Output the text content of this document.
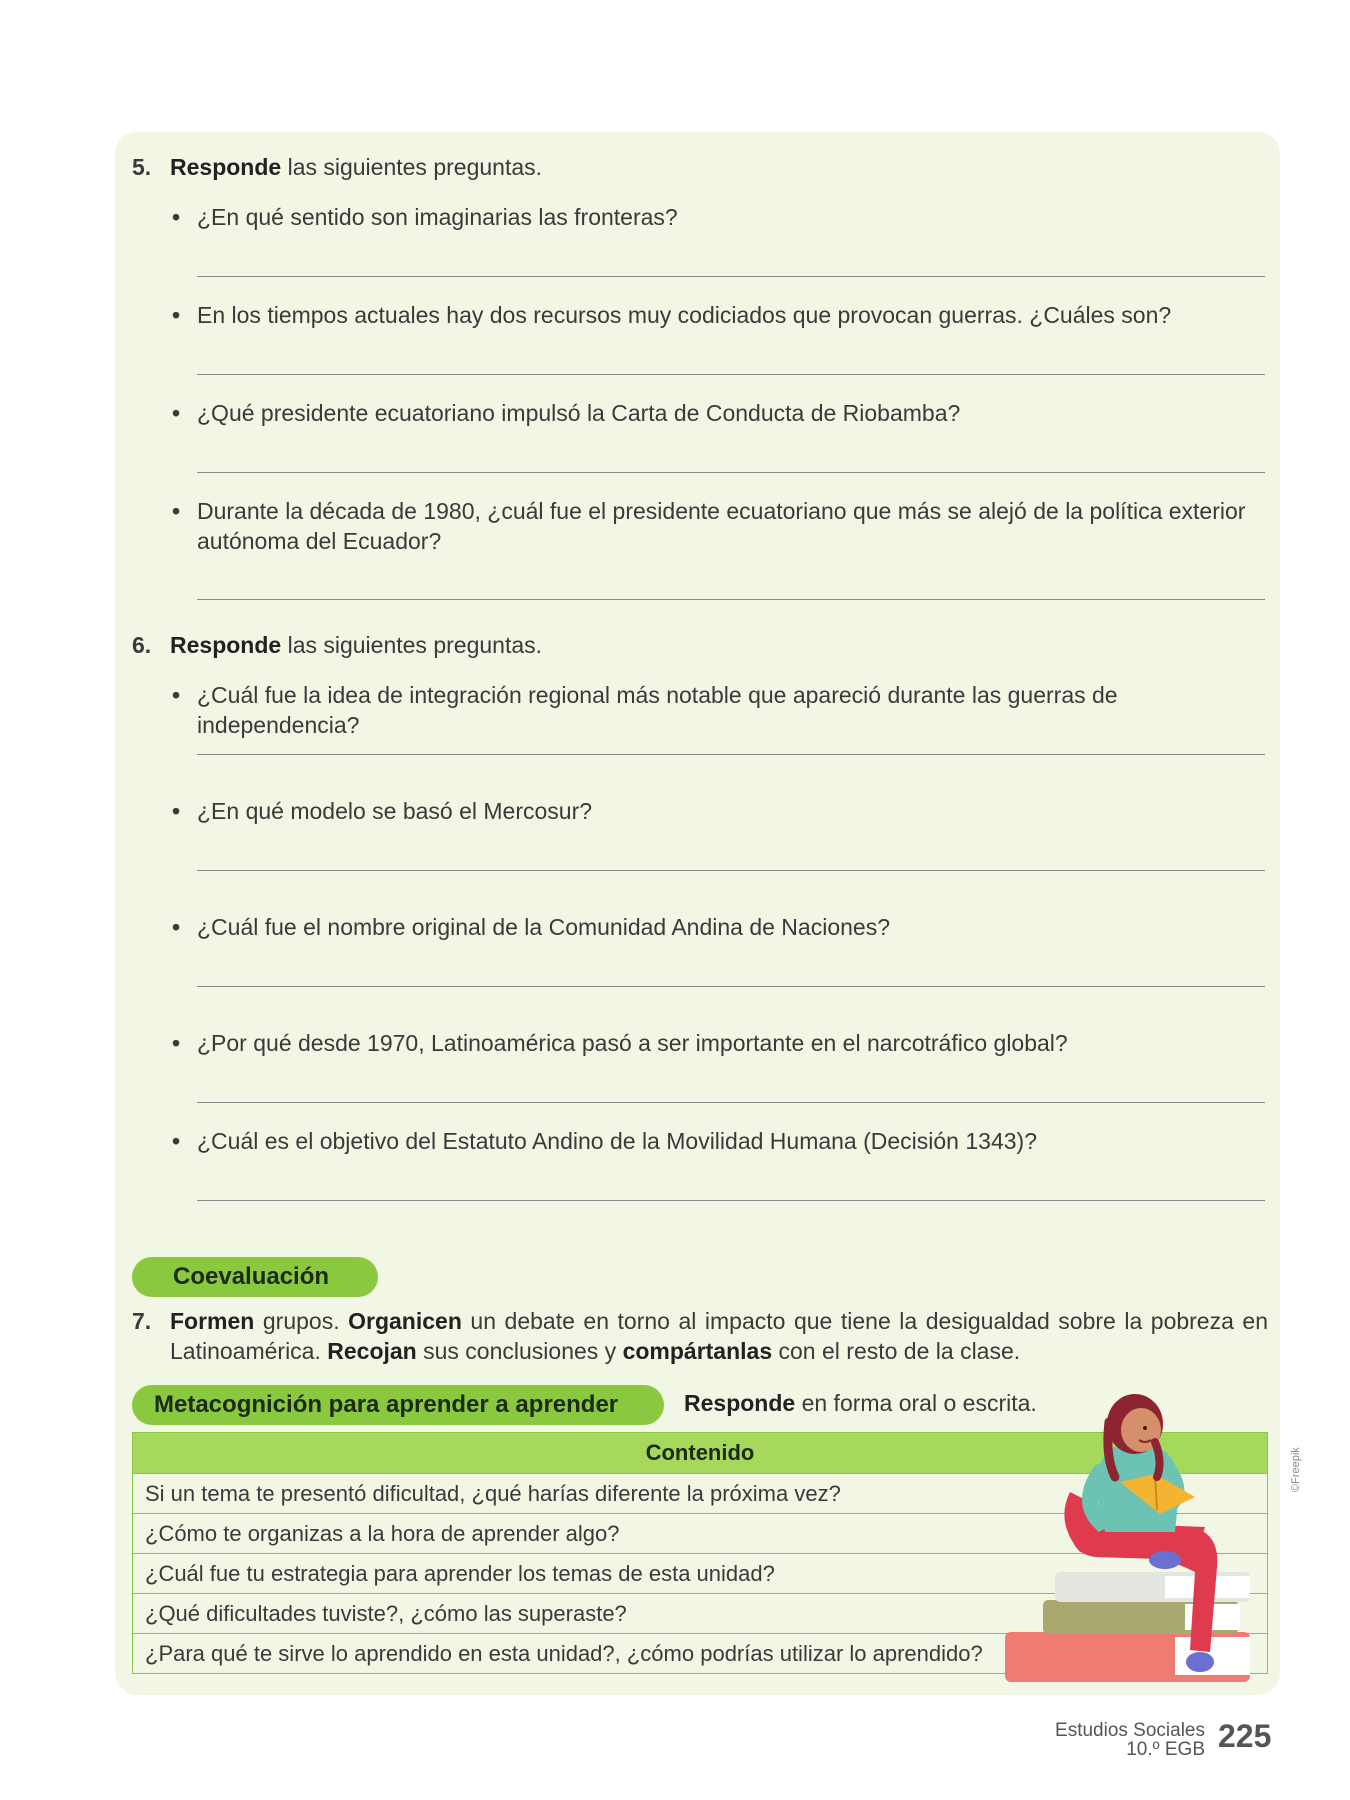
5. Responde las siguientes preguntas.
• ¿En qué sentido son imaginarias las fronteras?
• En los tiempos actuales hay dos recursos muy codiciados que provocan guerras. ¿Cuáles son?
• ¿Qué presidente ecuatoriano impulsó la Carta de Conducta de Riobamba?
• Durante la década de 1980, ¿cuál fue el presidente ecuatoriano que más se alejó de la política exterior autónoma del Ecuador?
6. Responde las siguientes preguntas.
• ¿Cuál fue la idea de integración regional más notable que apareció durante las guerras de independencia?
• ¿En qué modelo se basó el Mercosur?
• ¿Cuál fue el nombre original de la Comunidad Andina de Naciones?
• ¿Por qué desde 1970, Latinoamérica pasó a ser importante en el narcotráfico global?
• ¿Cuál es el objetivo del Estatuto Andino de la Movilidad Humana (Decisión 1343)?
Coevaluación
7. Formen grupos. Organicen un debate en torno al impacto que tiene la desigualdad sobre la pobreza en Latinoamérica. Recojan sus conclusiones y compártanlas con el resto de la clase.
Metacognición para aprender a aprender	Responde en forma oral o escrita.
Contenido
Si un tema te presentó dificultad, ¿qué harías diferente la próxima vez?
¿Cómo te organizas a la hora de aprender algo?
¿Cuál fue tu estrategia para aprender los temas de esta unidad?
¿Qué dificultades tuviste?, ¿cómo las superaste?
¿Para qué te sirve lo aprendido en esta unidad?, ¿cómo podrías utilizar lo aprendido?
©Freepik
Estudios Sociales
10.º EGB 225
